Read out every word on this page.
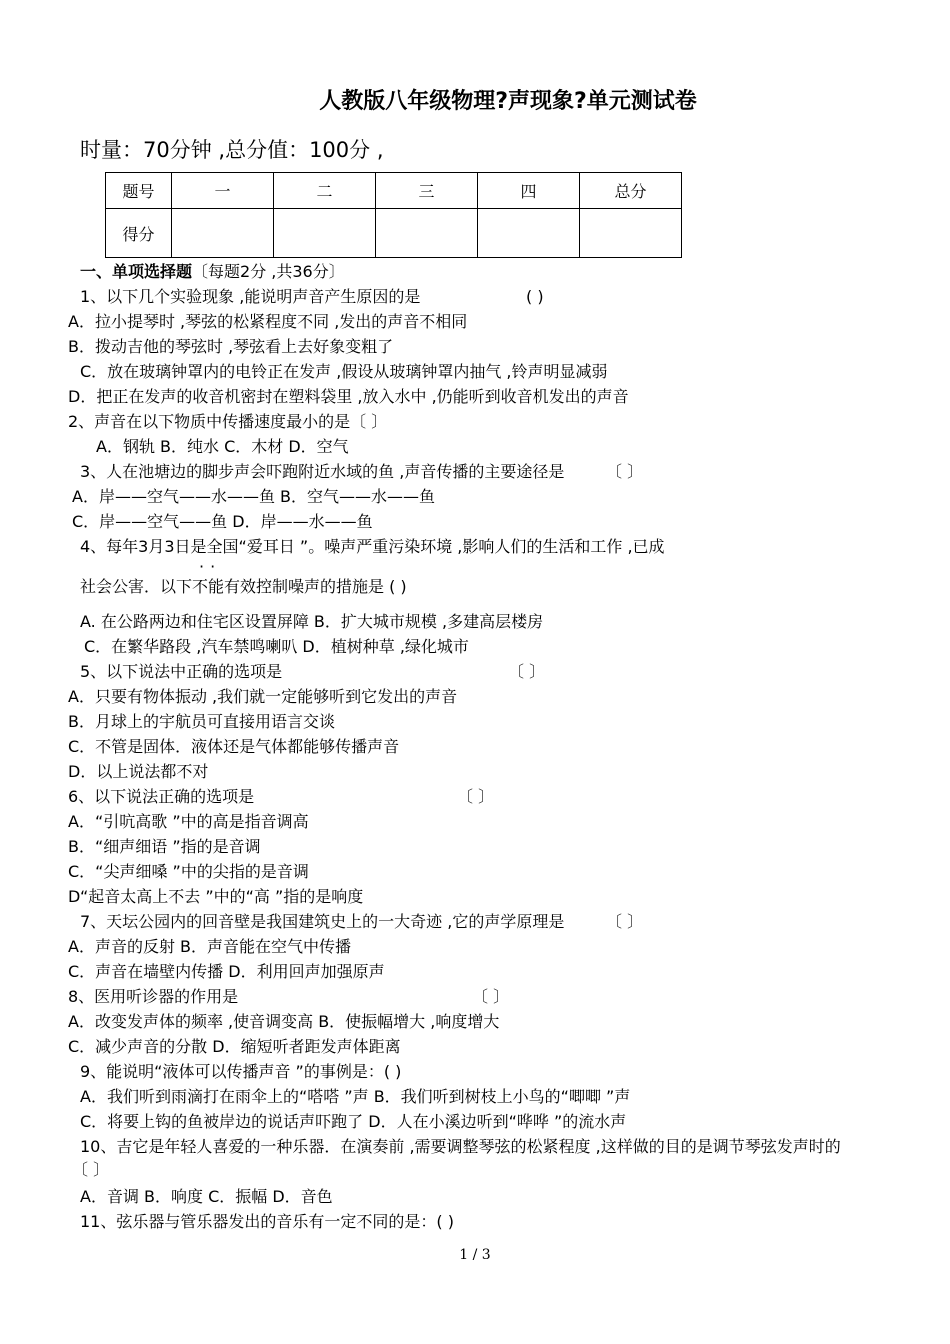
人教版八年级物理?声现象?单元测试卷
时量：70分钟 ,总分值：100分 ,
题号	一	二	三	四	总分
得分					
一、单项选择题〔每题2分 ,共36分〕
1、以下几个实验现象 ,能说明声音产生原因的是	( )
A．拉小提琴时 ,琴弦的松紧程度不同 ,发出的声音不相同
B．拨动吉他的琴弦时 ,琴弦看上去好象变粗了
C．放在玻璃钟罩内的电铃正在发声 ,假设从玻璃钟罩内抽气 ,铃声明显减弱
D．把正在发声的收音机密封在塑料袋里 ,放入水中 ,仍能听到收音机发出的声音
2、声音在以下物质中传播速度最小的是〔 〕
A．钢轨 B．纯水 C．木材 D．空气
3、人在池塘边的脚步声会吓跑附近水域的鱼 ,声音传播的主要途径是	〔 〕
A．岸——空气——水——鱼 B．空气——水——鱼
C．岸——空气——鱼 D．岸——水——鱼
4、每年3月3日是全国“爱耳日 ”。噪声严重污染环境 ,影响人们的生活和工作 ,已成
社会公害．以下不能有效控制噪声的措施是 ( )
A. 在公路两边和住宅区设置屏障 B．扩大城市规模 ,多建高层楼房
C．在繁华路段 ,汽车禁鸣喇叭 D．植树种草 ,绿化城市
5、以下说法中正确的选项是	〔 〕
A．只要有物体振动 ,我们就一定能够听到它发出的声音
B．月球上的宇航员可直接用语言交谈
C．不管是固体．液体还是气体都能够传播声音
D．以上说法都不对
6、以下说法正确的选项是	〔 〕
A．“引吭高歌 ”中的高是指音调高
B．“细声细语 ”指的是音调
C．“尖声细嗓 ”中的尖指的是音调
D“起音太高上不去 ”中的“高 ”指的是响度
7、天坛公园内的回音壁是我国建筑史上的一大奇迹 ,它的声学原理是	〔 〕
A．声音的反射 B．声音能在空气中传播
C．声音在墙壁内传播 D．利用回声加强原声
8、医用听诊器的作用是	〔 〕
A．改变发声体的频率 ,使音调变高 B．使振幅增大 ,响度增大
C．减少声音的分散 D．缩短听者距发声体距离
9、能说明“液体可以传播声音 ”的事例是：( )
A．我们听到雨滴打在雨伞上的“嗒嗒 ”声 B．我们听到树枝上小鸟的“唧唧 ”声
C．将要上钩的鱼被岸边的说话声吓跑了 D．人在小溪边听到“哗哗 ”的流水声
10、吉它是年轻人喜爱的一种乐器．在演奏前 ,需要调整琴弦的松紧程度 ,这样做的目的是调节琴弦发声时的
〔 〕
A．音调 B．响度 C．振幅 D．音色
11、弦乐器与管乐器发出的音乐有一定不同的是：( )
··
1 / 3
